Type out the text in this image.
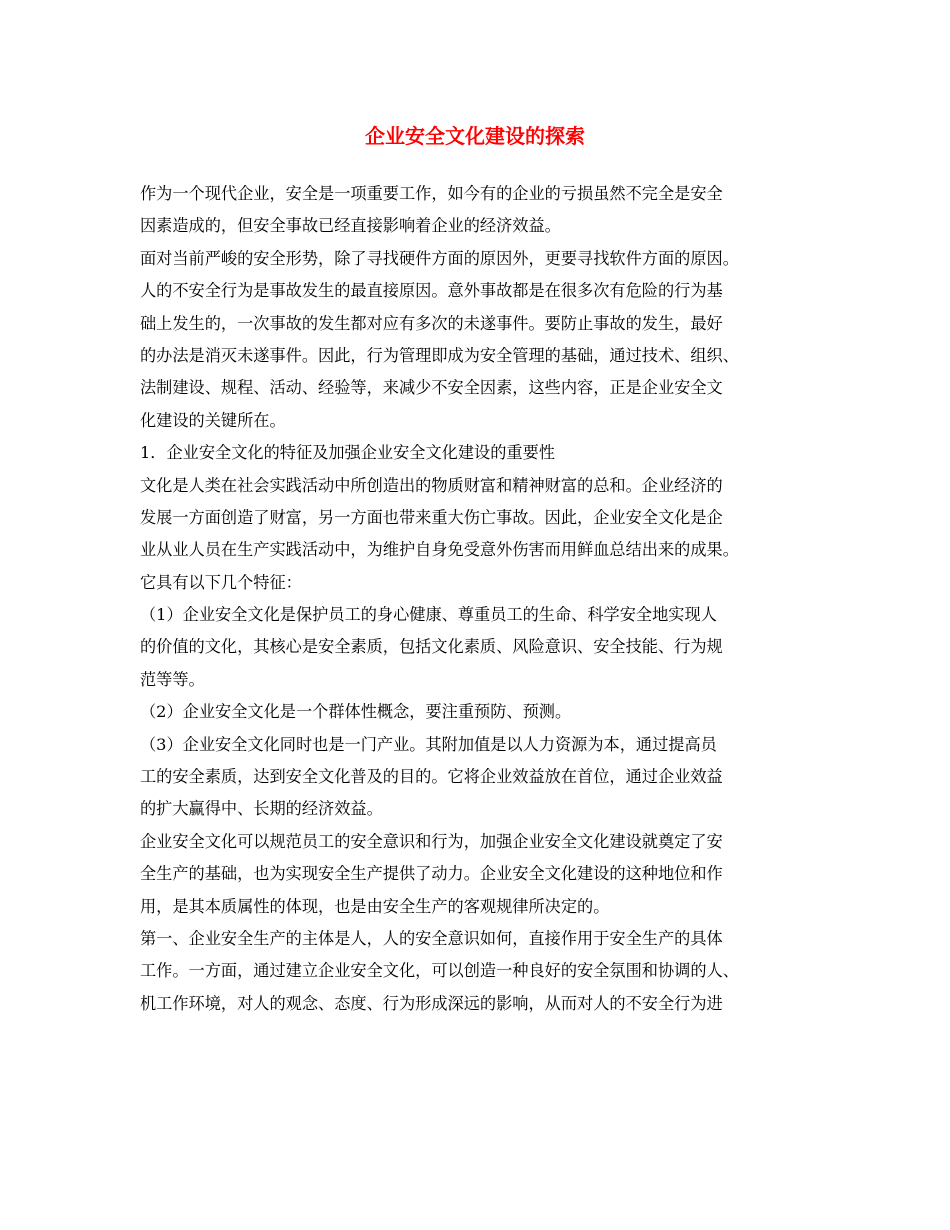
企业安全文化建设的探索
作为一个现代企业，安全是一项重要工作，如今有的企业的亏损虽然不完全是安全
因素造成的，但安全事故已经直接影响着企业的经济效益。
面对当前严峻的安全形势，除了寻找硬件方面的原因外，更要寻找软件方面的原因。
人的不安全行为是事故发生的最直接原因。意外事故都是在很多次有危险的行为基
础上发生的，一次事故的发生都对应有多次的未遂事件。要防止事故的发生，最好
的办法是消灭未遂事件。因此，行为管理即成为安全管理的基础，通过技术、组织、
法制建设、规程、活动、经验等，来减少不安全因素，这些内容，正是企业安全文
化建设的关键所在。
1．企业安全文化的特征及加强企业安全文化建设的重要性
文化是人类在社会实践活动中所创造出的物质财富和精神财富的总和。企业经济的
发展一方面创造了财富，另一方面也带来重大伤亡事故。因此，企业安全文化是企
业从业人员在生产实践活动中，为维护自身免受意外伤害而用鲜血总结出来的成果。
它具有以下几个特征：
（1）企业安全文化是保护员工的身心健康、尊重员工的生命、科学安全地实现人
的价值的文化，其核心是安全素质，包括文化素质、风险意识、安全技能、行为规
范等等。
（2）企业安全文化是一个群体性概念，要注重预防、预测。
（3）企业安全文化同时也是一门产业。其附加值是以人力资源为本，通过提高员
工的安全素质，达到安全文化普及的目的。它将企业效益放在首位，通过企业效益
的扩大赢得中、长期的经济效益。
企业安全文化可以规范员工的安全意识和行为，加强企业安全文化建设就奠定了安
全生产的基础，也为实现安全生产提供了动力。企业安全文化建设的这种地位和作
用，是其本质属性的体现，也是由安全生产的客观规律所决定的。
第一、企业安全生产的主体是人，人的安全意识如何，直接作用于安全生产的具体
工作。一方面，通过建立企业安全文化，可以创造一种良好的安全氛围和协调的人、
机工作环境，对人的观念、态度、行为形成深远的影响，从而对人的不安全行为进
